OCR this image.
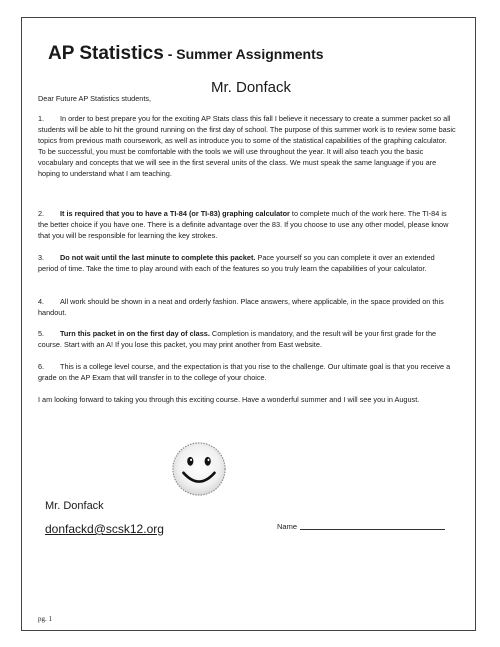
AP Statistics - Summer Assignments
Mr. Donfack
Dear Future AP Statistics students,
1. In order to best prepare you for the exciting AP Stats class this fall I believe it necessary to create a summer packet so all students will be able to hit the ground running on the first day of school. The purpose of this summer work is to review some basic topics from previous math coursework, as well as introduce you to some of the statistical capabilities of the graphing calculator. To be successful, you must be comfortable with the tools we will use throughout the year. It will also teach you the basic vocabulary and concepts that we will see in the first several units of the class. We must speak the same language if you are hoping to understand what I am teaching.
2. It is required that you to have a TI-84 (or TI-83) graphing calculator to complete much of the work here. The TI-84 is the better choice if you have one. There is a definite advantage over the 83. If you choose to use any other model, please know that you will be responsible for learning the key strokes.
3. Do not wait until the last minute to complete this packet. Pace yourself so you can complete it over an extended period of time. Take the time to play around with each of the features so you truly learn the capabilities of your calculator.
4. All work should be shown in a neat and orderly fashion. Place answers, where applicable, in the space provided on this handout.
5. Turn this packet in on the first day of class. Completion is mandatory, and the result will be your first grade for the course. Start with an A! If you lose this packet, you may print another from East website.
6. This is a college level course, and the expectation is that you rise to the challenge. Our ultimate goal is that you receive a grade on the AP Exam that will transfer in to the college of your choice.
I am looking forward to taking you through this exciting course. Have a wonderful summer and I will see you in August.
Mr. Donfack
donfackd@scsk12.org	Name
pg. 1
